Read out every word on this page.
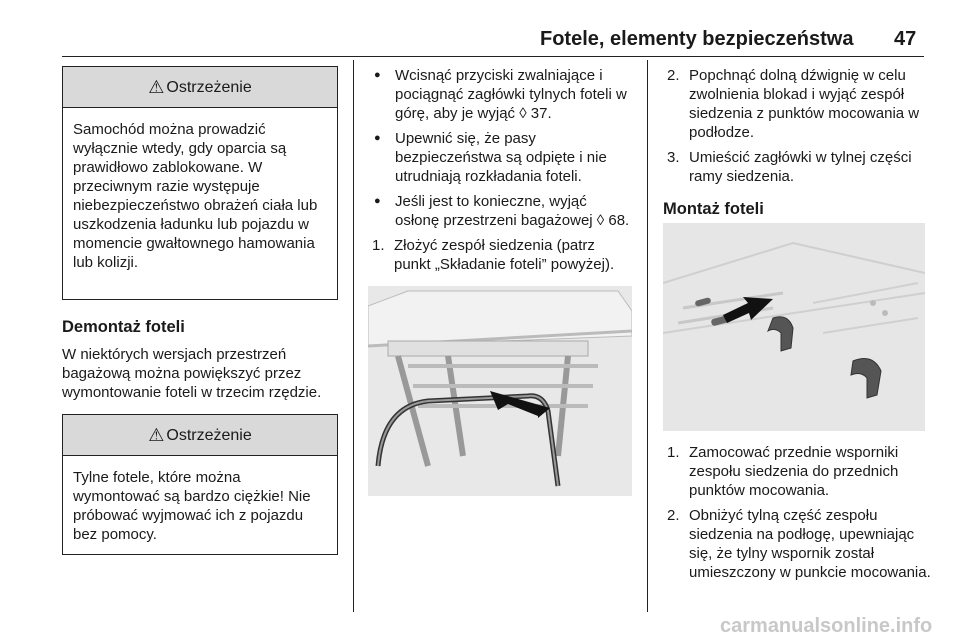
Fotele, elementy bezpieczeństwa 47
⚠ Ostrzeżenie
Samochód można prowadzić wyłącznie wtedy, gdy oparcia są prawidłowo zablokowane. W przeciwnym razie występuje niebezpieczeństwo obrażeń ciała lub uszkodzenia ładunku lub pojazdu w momencie gwałtownego hamowania lub kolizji.
Demontaż foteli
W niektórych wersjach przestrzeń bagażową można powiększyć przez wymontowanie foteli w trzecim rzędzie.
⚠ Ostrzeżenie
Tylne fotele, które można wymontować są bardzo ciężkie! Nie próbować wyjmować ich z pojazdu bez pomocy.
● Wcisnąć przyciski zwalniające i pociągnąć zagłówki tylnych foteli w górę, aby je wyjąć ◊ 37.
● Upewnić się, że pasy bezpieczeństwa są odpięte i nie utrudniają rozkładania foteli.
● Jeśli jest to konieczne, wyjąć osłonę przestrzeni bagażowej ◊ 68.
1. Złożyć zespół siedzenia (patrz punkt „Składanie foteli” powyżej).
2. Popchnąć dolną dźwignię w celu zwolnienia blokad i wyjąć zespół siedzenia z punktów mocowania w podłodze.
3. Umieścić zagłówki w tylnej części ramy siedzenia.
Montaż foteli
1. Zamocować przednie wsporniki zespołu siedzenia do przednich punktów mocowania.
2. Obniżyć tylną część zespołu siedzenia na podłogę, upewniając się, że tylny wspornik został umieszczony w punkcie mocowania.
carmanualsonline.info
